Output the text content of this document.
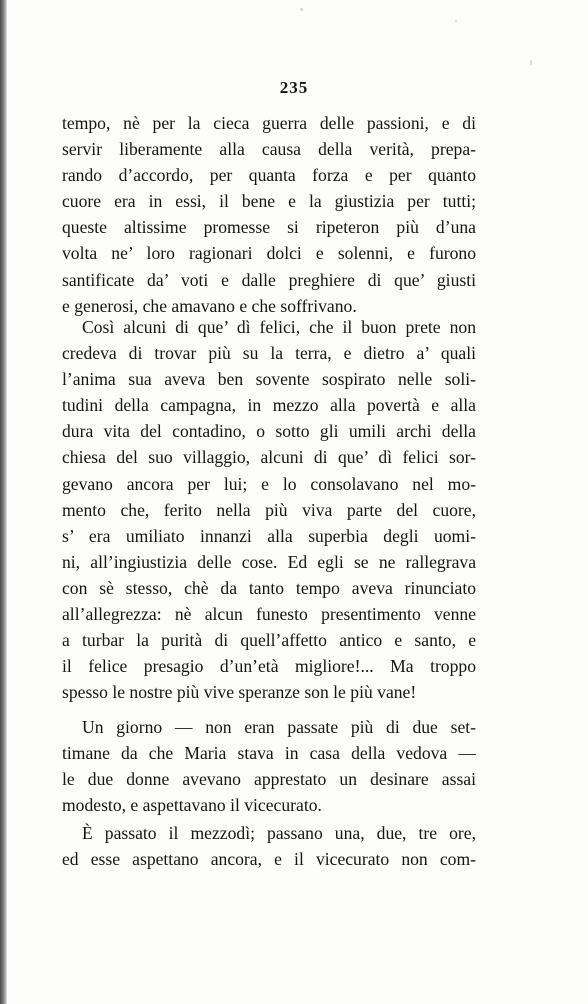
235
tempo, nè per la cieca guerra delle passioni, e di
servir liberamente alla causa della verità, prepa-
rando d’accordo, per quanta forza e per quanto
cuore era in essi, il bene e la giustizia per tutti;
queste altissime promesse si ripeteron più d’una
volta ne’ loro ragionari dolci e solenni, e furono
santificate da’ voti e dalle preghiere di que’ giusti
e generosi, che amavano e che soffrivano.
Così alcuni di que’ dì felici, che il buon prete non
credeva di trovar più su la terra, e dietro a’ quali
l’anima sua aveva ben sovente sospirato nelle soli-
tudini della campagna, in mezzo alla povertà e alla
dura vita del contadino, o sotto gli umili archi della
chiesa del suo villaggio, alcuni di que’ dì felici sor-
gevano ancora per lui; e lo consolavano nel mo-
mento che, ferito nella più viva parte del cuore,
s’ era umiliato innanzi alla superbia degli uomi-
ni, all’ingiustizia delle cose. Ed egli se ne rallegrava
con sè stesso, chè da tanto tempo aveva rinunciato
all’allegrezza: nè alcun funesto presentimento venne
a turbar la purità di quell’affetto antico e santo, e
il felice presagio d’un’età migliore!... Ma troppo
spesso le nostre più vive speranze son le più vane!
Un giorno — non eran passate più di due set-
timane da che Maria stava in casa della vedova —
le due donne avevano apprestato un desinare assai
modesto, e aspettavano il vicecurato.
È passato il mezzodì; passano una, due, tre ore,
ed esse aspettano ancora, e il vicecurato non com-
